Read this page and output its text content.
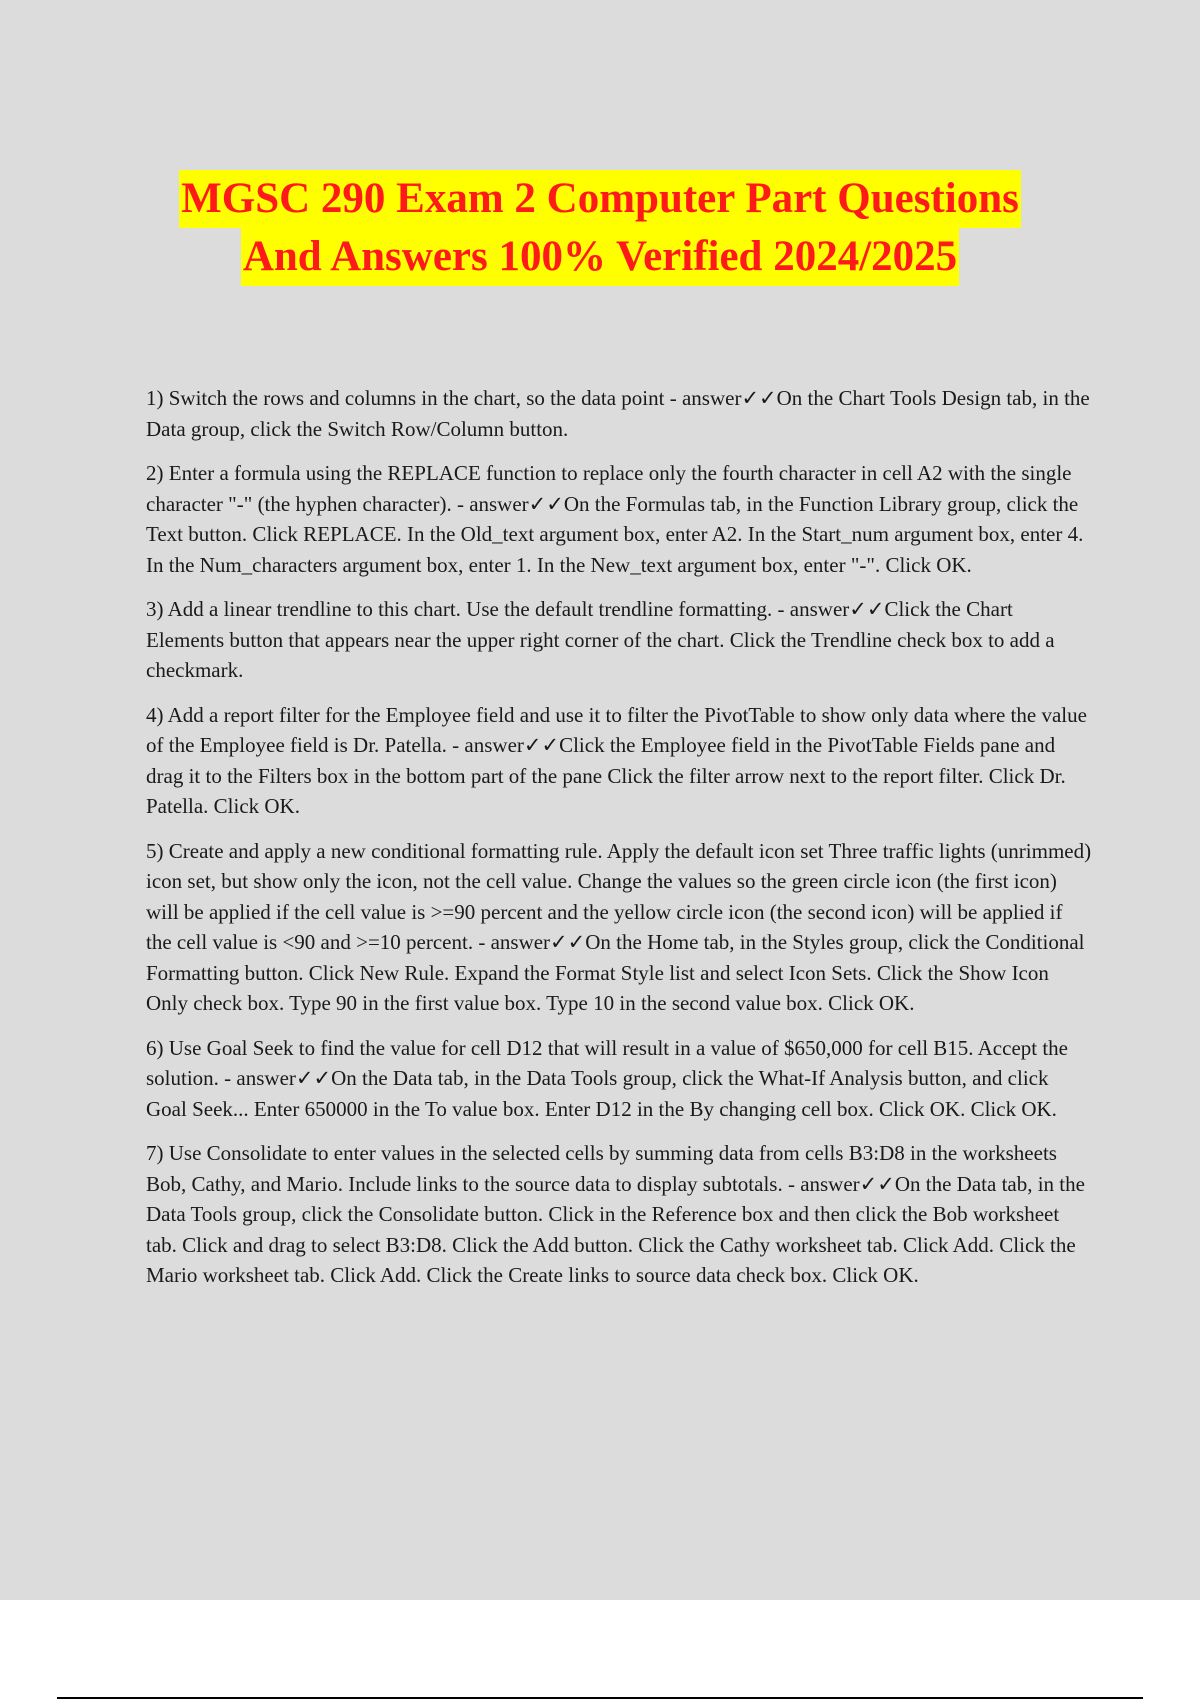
MGSC 290 Exam 2 Computer Part Questions
And Answers 100% Verified 2024/2025

1) Switch the rows and columns in the chart, so the data point - answer✓✓On the Chart Tools Design tab, in the Data group, click the Switch Row/Column button.

2) Enter a formula using the REPLACE function to replace only the fourth character in cell A2 with the single character "-" (the hyphen character). - answer✓✓On the Formulas tab, in the Function Library group, click the Text button. Click REPLACE. In the Old_text argument box, enter A2. In the Start_num argument box, enter 4. In the Num_characters argument box, enter 1. In the New_text argument box, enter "-". Click OK.

3) Add a linear trendline to this chart. Use the default trendline formatting. - answer✓✓Click the Chart Elements button that appears near the upper right corner of the chart. Click the Trendline check box to add a checkmark.

4) Add a report filter for the Employee field and use it to filter the PivotTable to show only data where the value of the Employee field is Dr. Patella. - answer✓✓Click the Employee field in the PivotTable Fields pane and drag it to the Filters box in the bottom part of the pane Click the filter arrow next to the report filter. Click Dr. Patella. Click OK.

5) Create and apply a new conditional formatting rule. Apply the default icon set Three traffic lights (unrimmed) icon set, but show only the icon, not the cell value. Change the values so the green circle icon (the first icon) will be applied if the cell value is >=90 percent and the yellow circle icon (the second icon) will be applied if the cell value is <90 and >=10 percent. - answer✓✓On the Home tab, in the Styles group, click the Conditional Formatting button. Click New Rule. Expand the Format Style list and select Icon Sets. Click the Show Icon Only check box. Type 90 in the first value box. Type 10 in the second value box. Click OK.

6) Use Goal Seek to find the value for cell D12 that will result in a value of $650,000 for cell B15. Accept the solution. - answer✓✓On the Data tab, in the Data Tools group, click the What-If Analysis button, and click Goal Seek... Enter 650000 in the To value box. Enter D12 in the By changing cell box. Click OK. Click OK.

7) Use Consolidate to enter values in the selected cells by summing data from cells B3:D8 in the worksheets Bob, Cathy, and Mario. Include links to the source data to display subtotals. - answer✓✓On the Data tab, in the Data Tools group, click the Consolidate button. Click in the Reference box and then click the Bob worksheet tab. Click and drag to select B3:D8. Click the Add button. Click the Cathy worksheet tab. Click Add. Click the Mario worksheet tab. Click Add. Click the Create links to source data check box. Click OK.
